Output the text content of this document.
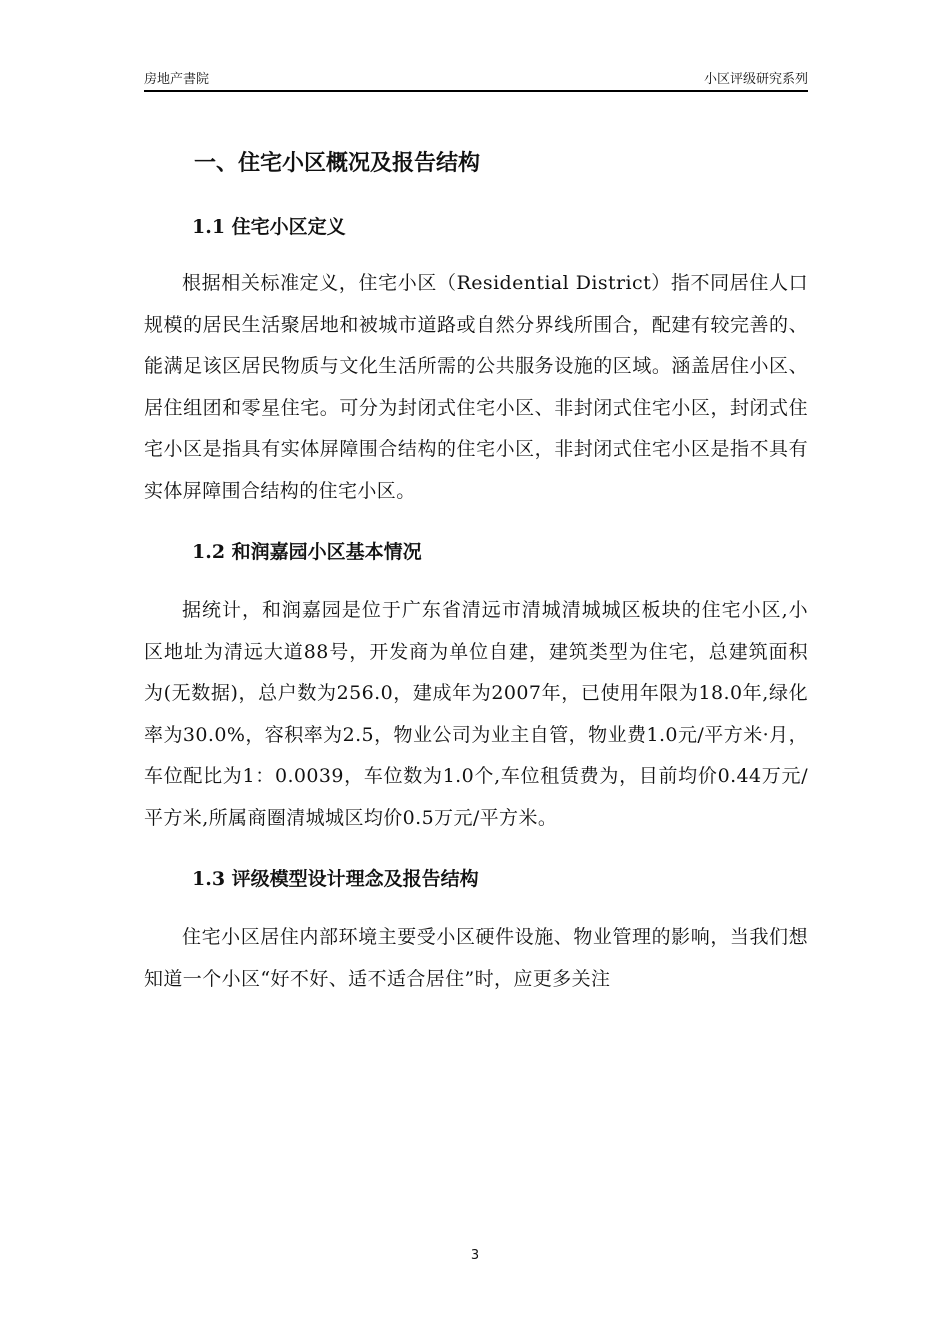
房地产書院	小区评级研究系列
一、住宅小区概况及报告结构
1.1 住宅小区定义

根据相关标准定义，住宅小区（Residential District）指不同居住人口规模的居民生活聚居地和被城市道路或自然分界线所围合，配建有较完善的、能满足该区居民物质与文化生活所需的公共服务设施的区域。涵盖居住小区、居住组团和零星住宅。可分为封闭式住宅小区、非封闭式住宅小区，封闭式住宅小区是指具有实体屏障围合结构的住宅小区，非封闭式住宅小区是指不具有实体屏障围合结构的住宅小区。

1.2 和润嘉园小区基本情况

据统计，和润嘉园是位于广东省清远市清城清城城区板块的住宅小区,小区地址为清远大道88号，开发商为单位自建，建筑类型为住宅，总建筑面积为(无数据)，总户数为256.0，建成年为2007年，已使用年限为18.0年,绿化率为30.0%，容积率为2.5，物业公司为业主自管，物业费1.0元/平方米·月，车位配比为1：0.0039，车位数为1.0个,车位租赁费为，目前均价0.44万元/平方米,所属商圈清城城区均价0.5万元/平方米。

1.3 评级模型设计理念及报告结构

住宅小区居住内部环境主要受小区硬件设施、物业管理的影响，当我们想知道一个小区“好不好、适不适合居住”时，应更多关注

3
